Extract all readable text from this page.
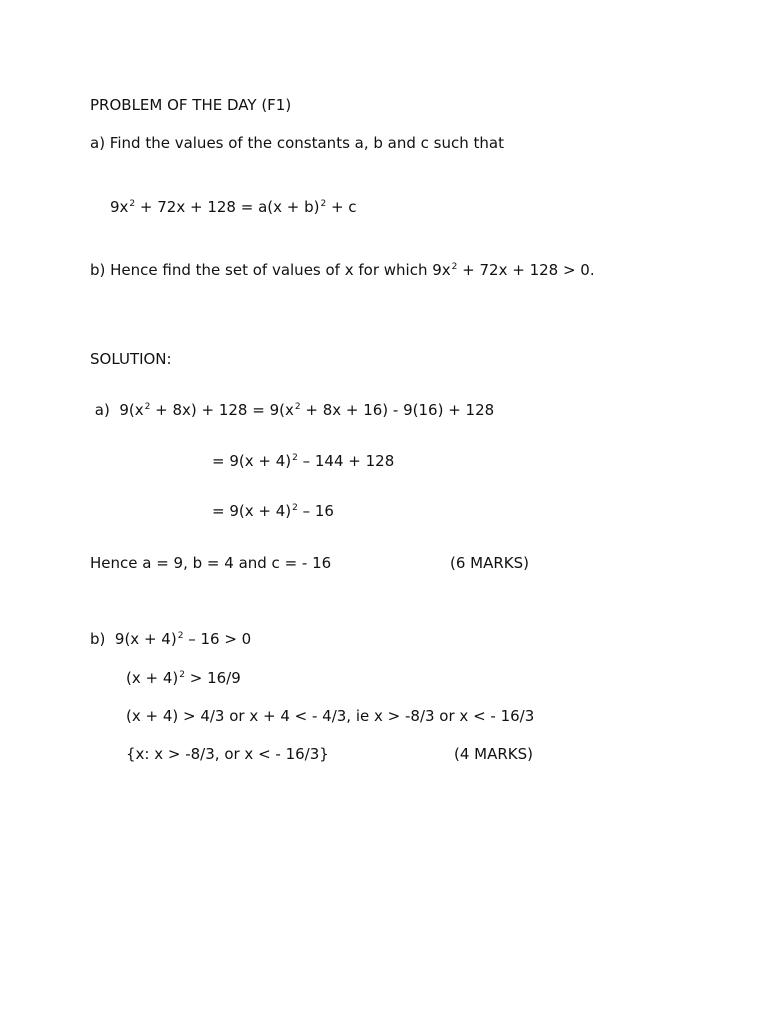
PROBLEM OF THE DAY (F1)
a) Find the values of the constants a, b and c such that
$9x^2 + 72x + 128 = a(x + b)^2 + c$
b) Hence find the set of values of x for which $9x^2 + 72x + 128 > 0$.
SOLUTION:
a)  $9(x^2 + 8x) + 128 = 9(x^2 + 8x + 16) - 9(16) + 128$
= $9(x + 4)^2 - 144 + 128$
= $9(x + 4)^2 - 16$
Hence a = 9, b = 4 and c = - 16	(6 MARKS)
b)  $9(x + 4)^2 - 16 > 0$
$(x + 4)^2 > 16/9$
(x + 4) > 4/3 or x + 4 < - 4/3, ie x > -8/3 or x < - 16/3
{x: x > -8/3, or x < - 16/3}	(4 MARKS)
